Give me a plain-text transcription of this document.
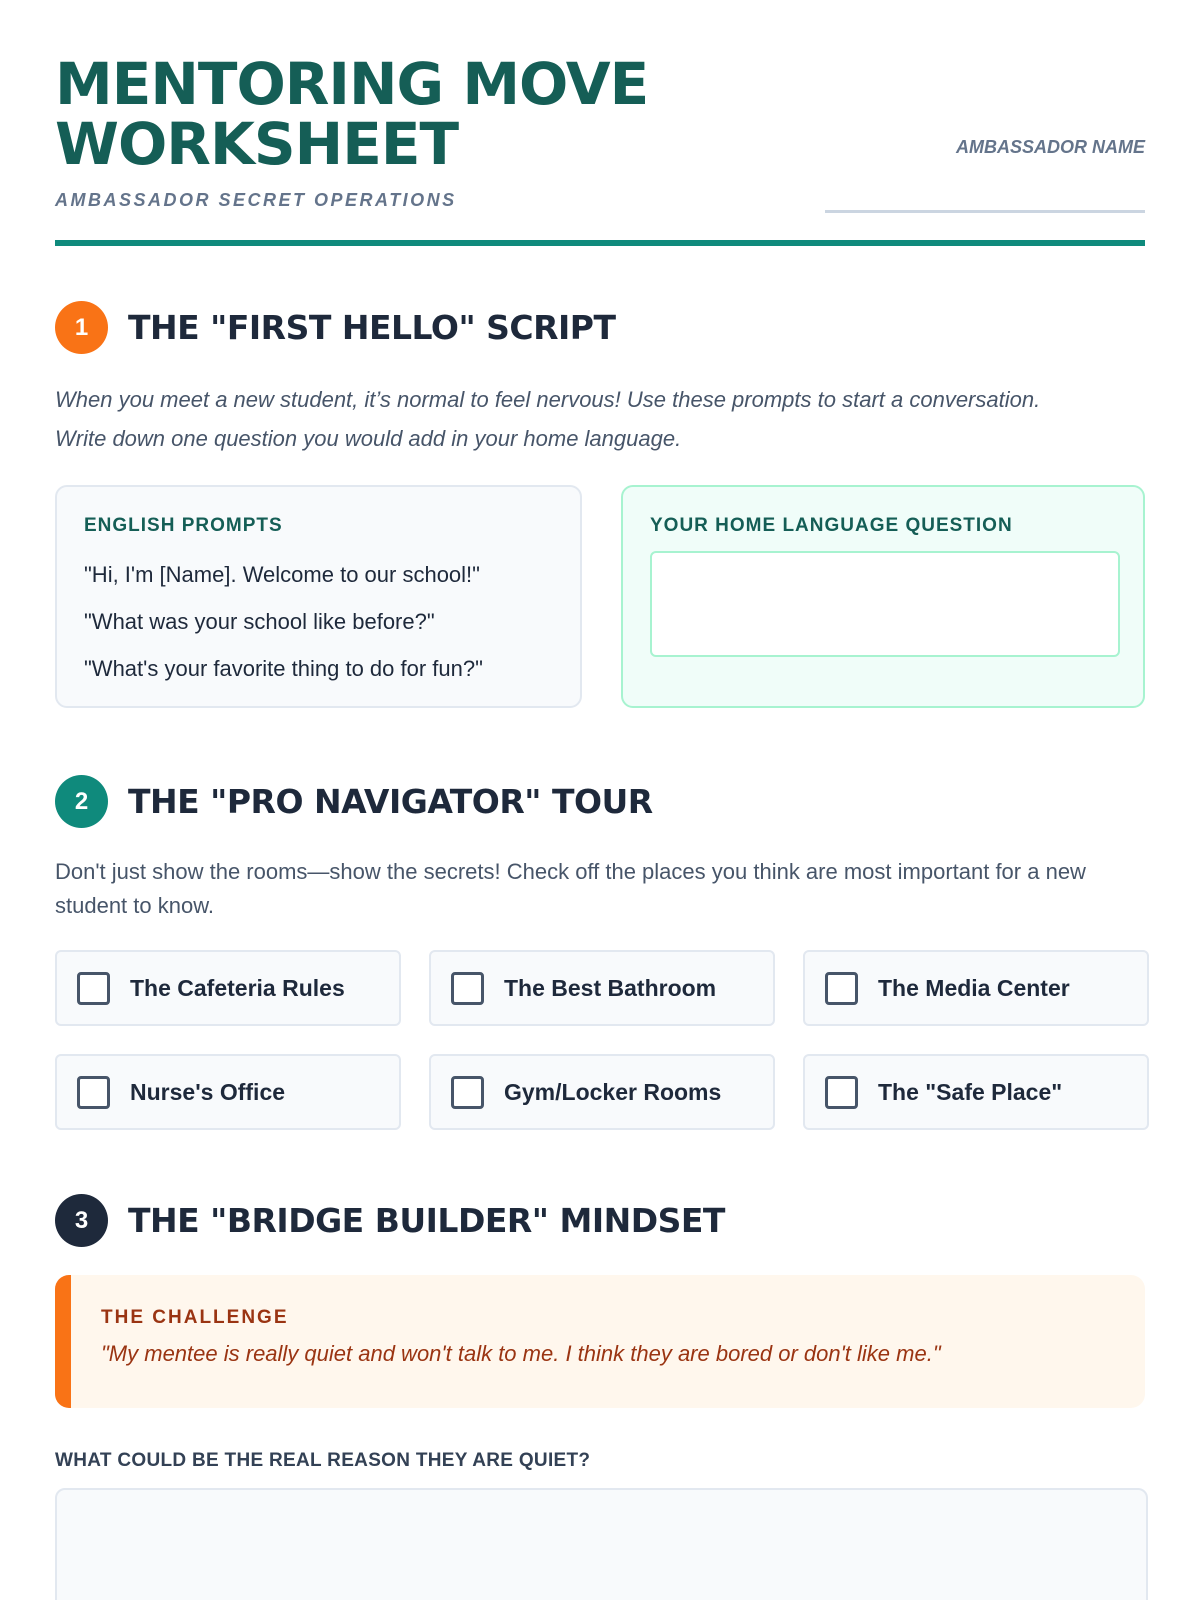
MENTORING MOVE
WORKSHEET
AMBASSADOR SECRET OPERATIONS
AMBASSADOR NAME
1	THE "FIRST HELLO" SCRIPT
When you meet a new student, it’s normal to feel nervous! Use these prompts to start a conversation.
Write down one question you would add in your home language.
ENGLISH PROMPTS
"Hi, I'm [Name]. Welcome to our school!"
"What was your school like before?"
"What's your favorite thing to do for fun?"
YOUR HOME LANGUAGE QUESTION
2	THE "PRO NAVIGATOR" TOUR
Don't just show the rooms—show the secrets! Check off the places you think are most important for a new student to know.
The Cafeteria Rules	The Best Bathroom	The Media Center
Nurse's Office	Gym/Locker Rooms	The "Safe Place"
3	THE "BRIDGE BUILDER" MINDSET
THE CHALLENGE
"My mentee is really quiet and won't talk to me. I think they are bored or don't like me."
WHAT COULD BE THE REAL REASON THEY ARE QUIET?
